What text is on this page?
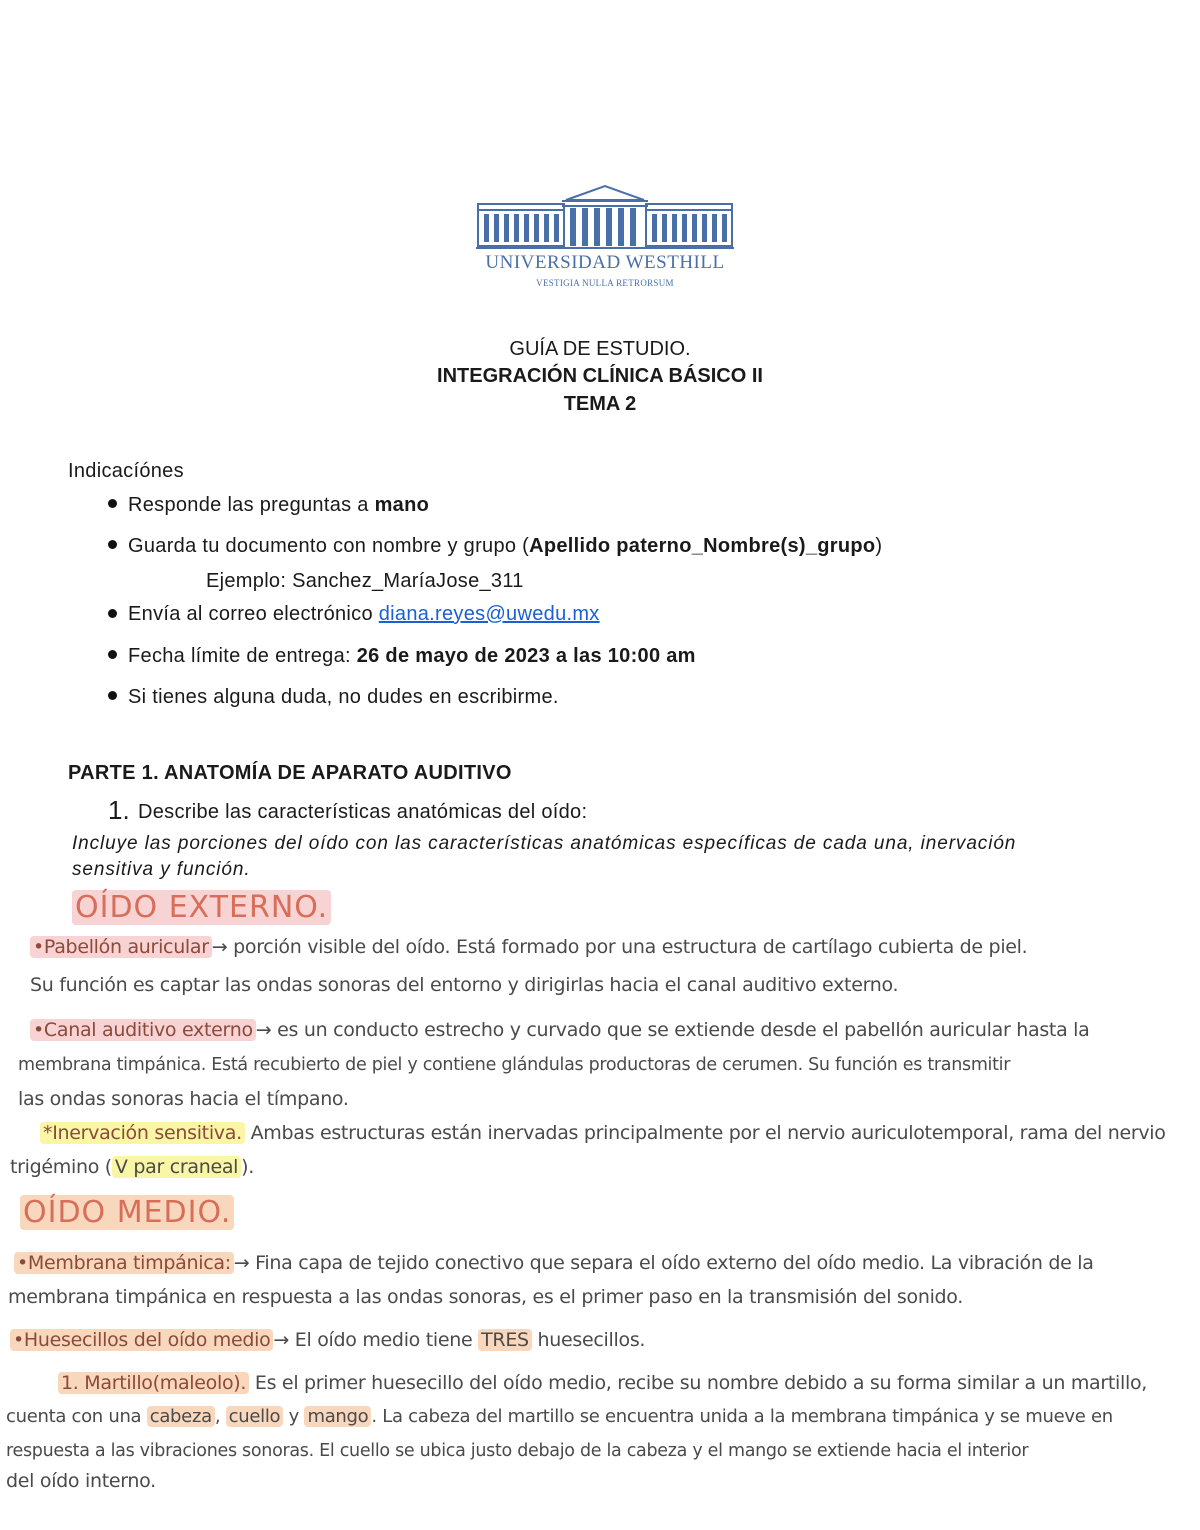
UNIVERSIDAD WESTHILL
VESTIGIA NULLA RETRORSUM
GUÍA DE ESTUDIO.
INTEGRACIÓN CLÍNICA BÁSICO II
TEMA 2
Indicacíónes
Responde las preguntas a mano
Guarda tu documento con nombre y grupo (Apellido paterno_Nombre(s)_grupo)
Ejemplo: Sanchez_MaríaJose_311
Envía al correo electrónico diana.reyes@uwedu.mx
Fecha límite de entrega: 26 de mayo de 2023 a las 10:00 am
Si tienes alguna duda, no dudes en escribirme.
PARTE 1. ANATOMÍA DE APARATO AUDITIVO
1. Describe las características anatómicas del oído:
Incluye las porciones del oído con las características anatómicas específicas de cada una, inervación
sensitiva y función.
OÍDO EXTERNO.
•Pabellón auricular → porción visible del oído. Está formado por una estructura de cartílago cubierta de piel.
Su función es captar las ondas sonoras del entorno y dirigirlas hacia el canal auditivo externo.
•Canal auditivo externo → es un conducto estrecho y curvado que se extiende desde el pabellón auricular hasta la
membrana timpánica. Está recubierto de piel y contiene glándulas productoras de cerumen. Su función es transmitir
las ondas sonoras hacia el tímpano.
*Inervación sensitiva. Ambas estructuras están inervadas principalmente por el nervio auriculotemporal, rama del nervio
trigémino ( V par craneal ).
OÍDO MEDIO.
•Membrana timpánica: → Fina capa de tejido conectivo que separa el oído externo del oído medio. La vibración de la
membrana timpánica en respuesta a las ondas sonoras, es el primer paso en la transmisión del sonido.
•Huesecillos del oído medio → El oído medio tiene TRES huesecillos.
1. Martillo(maleolo). Es el primer huesecillo del oído medio, recibe su nombre debido a su forma similar a un martillo,
cuenta con una cabeza , cuello y mango . La cabeza del martillo se encuentra unida a la membrana timpánica y se mueve en
respuesta a las vibraciones sonoras. El cuello se ubica justo debajo de la cabeza y el mango se extiende hacia el interior
del oído interno.
